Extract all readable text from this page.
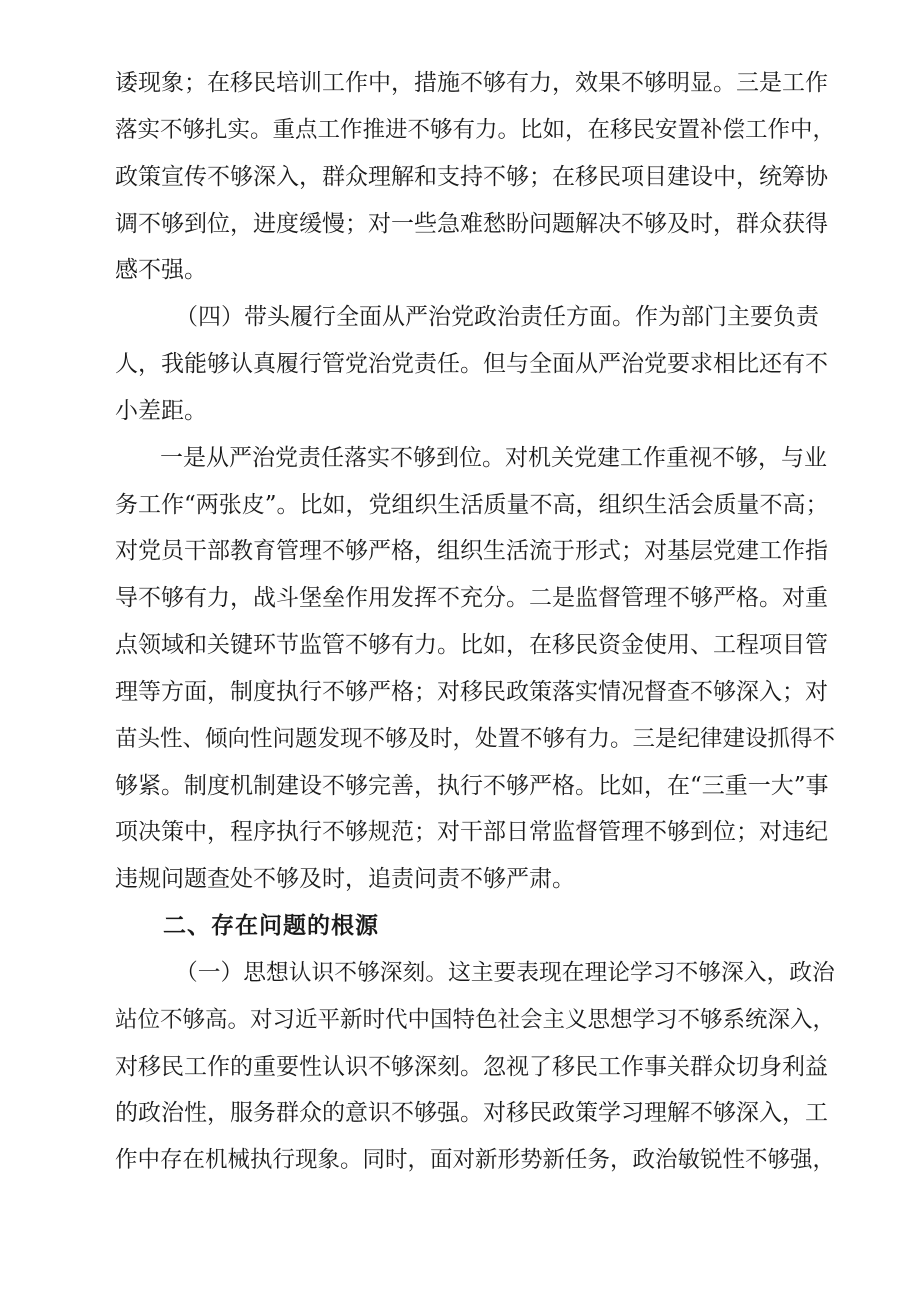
诿现象；在移民培训工作中，措施不够有力，效果不够明显。三是工作

落实不够扎实。重点工作推进不够有力。比如，在移民安置补偿工作中，

政策宣传不够深入，群众理解和支持不够；在移民项目建设中，统筹协

调不够到位，进度缓慢；对一些急难愁盼问题解决不够及时，群众获得

感不强。

（四）带头履行全面从严治党政治责任方面。作为部门主要负责

人，我能够认真履行管党治党责任。但与全面从严治党要求相比还有不

小差距。

一是从严治党责任落实不够到位。对机关党建工作重视不够，与业

务工作“两张皮”。比如，党组织生活质量不高，组织生活会质量不高；

对党员干部教育管理不够严格，组织生活流于形式；对基层党建工作指

导不够有力，战斗堡垒作用发挥不充分。二是监督管理不够严格。对重

点领域和关键环节监管不够有力。比如，在移民资金使用、工程项目管

理等方面，制度执行不够严格；对移民政策落实情况督查不够深入；对

苗头性、倾向性问题发现不够及时，处置不够有力。三是纪律建设抓得不

够紧。制度机制建设不够完善，执行不够严格。比如，在“三重一大”事

项决策中，程序执行不够规范；对干部日常监督管理不够到位；对违纪

违规问题查处不够及时，追责问责不够严肃。

二、存在问题的根源

（一）思想认识不够深刻。这主要表现在理论学习不够深入，政治

站位不够高。对习近平新时代中国特色社会主义思想学习不够系统深入，

对移民工作的重要性认识不够深刻。忽视了移民工作事关群众切身利益

的政治性，服务群众的意识不够强。对移民政策学习理解不够深入，工

作中存在机械执行现象。同时，面对新形势新任务，政治敏锐性不够强，
